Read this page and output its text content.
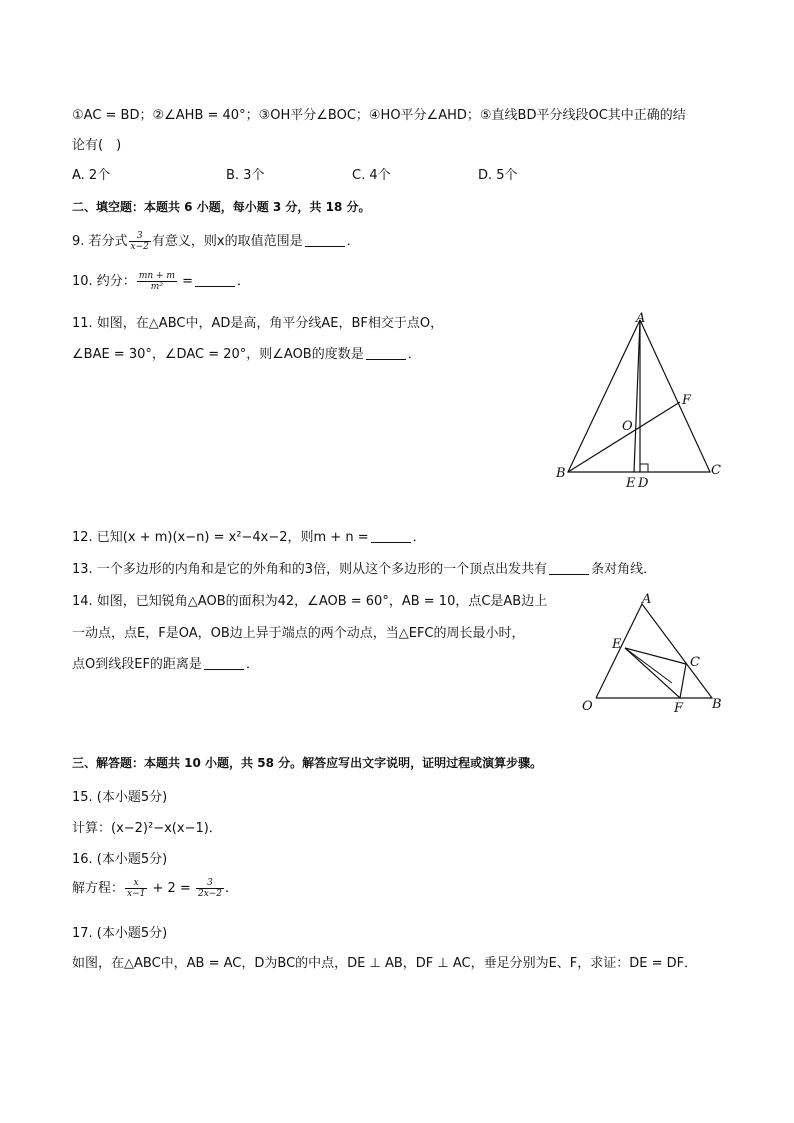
①AC = BD；②∠AHB = 40°；③OH平分∠BOC；④HO平分∠AHD；⑤直线BD平分线段OC其中正确的结
论有(　)
A. 2个	B. 3个	C. 4个	D. 5个
二、填空题：本题共 6 小题，每小题 3 分，共 18 分。
9. 若分式 $\frac{3}{x-2}$ 有意义，则x的取值范围是	．
10. 约分： $\frac{mn + m}{\text{m²}}$ =	．
11. 如图，在△ABC中，AD是高，角平分线AE，BF相交于点O，
∠BAE = 30°，∠DAC = 20°，则∠AOB的度数是	．
A
B	C
E D
F
O
12. 已知(x + m)(x−n) = x²−4x−2，则m + n =	．
13. 一个多边形的内角和是它的外角和的3倍，则从这个多边形的一个顶点出发共有	条对角线．
14. 如图，已知锐角△AOB的面积为42，∠AOB = 60°，AB = 10，点C是AB边上
一动点，点E，F是OA，OB边上异于端点的两个动点，当△EFC的周长最小时，
点O到线段EF的距离是	．
A
E
C
O	F B
三、解答题：本题共 10 小题，共 58 分。解答应写出文字说明，证明过程或演算步骤。
15. (本小题5分)
计算：(x−2)²−x(x−1)．
16. (本小题5分)
解方程： $\frac{x}{x-1} + 2 = \frac{3}{2x-2}$ .
17. (本小题5分)
如图，在△ABC中，AB = AC，D为BC的中点，DE ⊥ AB，DF ⊥ AC，垂足分别为E、F，求证：DE = DF．
